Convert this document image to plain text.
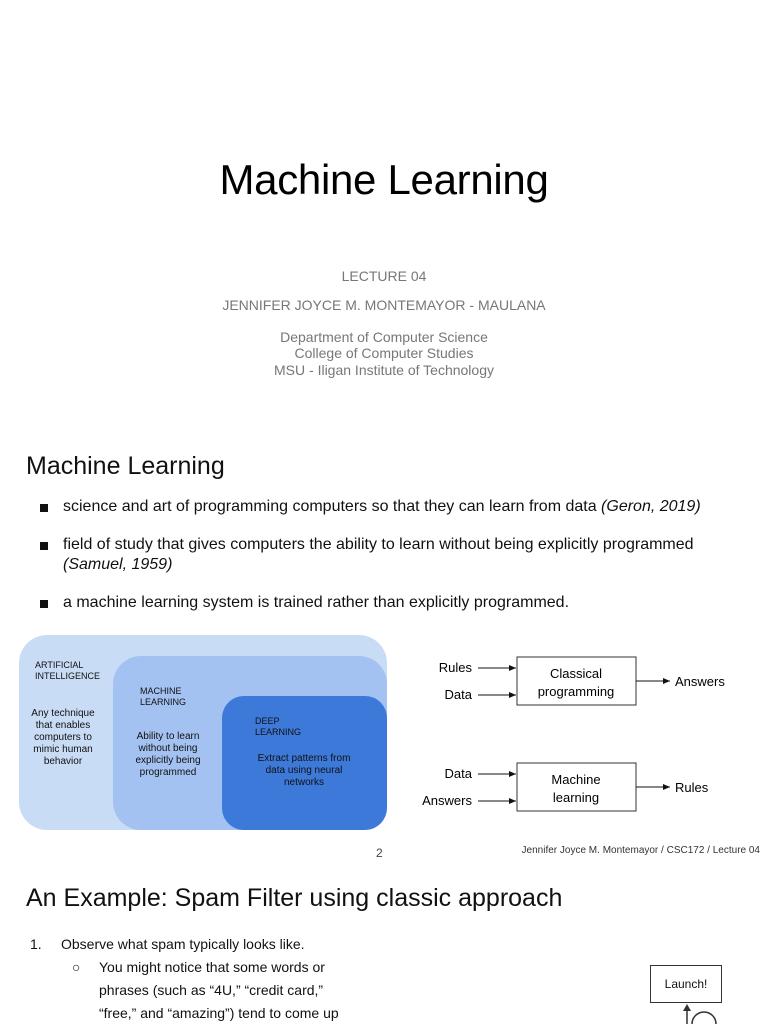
Machine Learning
LECTURE 04
JENNIFER JOYCE M. MONTEMAYOR - MAULANA
Department of Computer Science
College of Computer Studies
MSU - Iligan Institute of Technology
Machine Learning
science and art of programming computers so that they can learn from data (Geron, 2019)
field of study that gives computers the ability to learn without being explicitly programmed
(Samuel, 1959)
a machine learning system is trained rather than explicitly programmed.
ARTIFICIAL
INTELLIGENCE
Any technique
that enables
computers to
mimic human
behavior
MACHINE
LEARNING
Ability to learn
without being
explicitly being
programmed
DEEP
LEARNING
Extract patterns from
data using neural
networks
Rules
Data
Classical
programming
Answers
Data
Answers
Machine
learning
Rules
2	Jennifer Joyce M. Montemayor / CSC172 / Lecture 04
An Example: Spam Filter using classic approach
1. Observe what spam typically looks like.
○ You might notice that some words or
phrases (such as “4U,” “credit card,”
“free,” and “amazing”) tend to come up
Launch!
